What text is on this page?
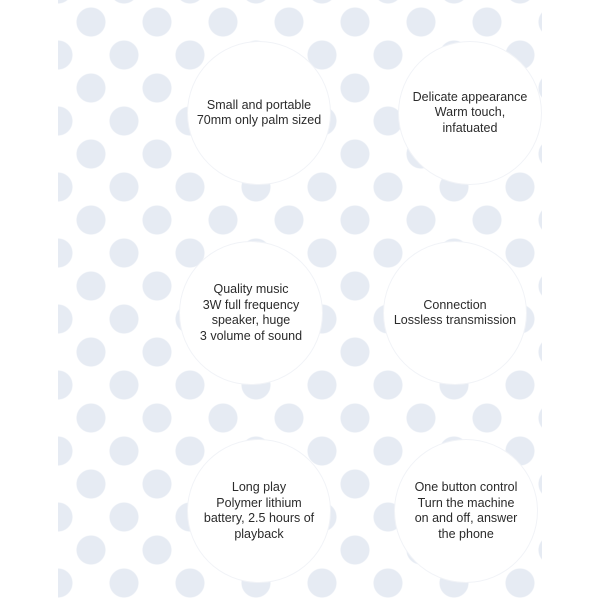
Small and portable
70mm only palm sized
Delicate appearance
Warm touch,
infatuated
Quality music
3W full frequency
speaker, huge
3 volume of sound
Connection
Lossless transmission
Long play
Polymer lithium
battery, 2.5 hours of
playback
One button control
Turn the machine
on and off, answer
the phone
